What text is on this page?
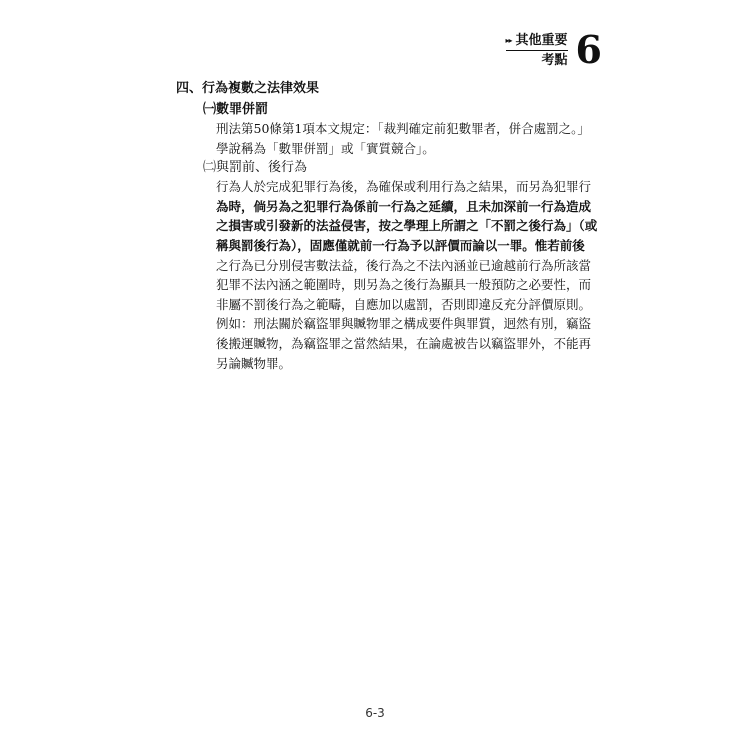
▸▸ 其他重要
考點 6
四、行為複數之法律效果
㈠數罪併罰
刑法第50條第1項本文規定：「裁判確定前犯數罪者，併合處罰之。」
學說稱為「數罪併罰」或「實質競合」。
㈡與罰前、後行為
行為人於完成犯罪行為後，為確保或利用行為之結果，而另為犯罪行
為時，倘另為之犯罪行為係前一行為之延續，且未加深前一行為造成
之損害或引發新的法益侵害，按之學理上所謂之「不罰之後行為」（或
稱與罰後行為），固應僅就前一行為予以評價而論以一罪。惟若前後
之行為已分別侵害數法益，後行為之不法內涵並已逾越前行為所該當
犯罪不法內涵之範圍時，則另為之後行為顯具一般預防之必要性，而
非屬不罰後行為之範疇，自應加以處罰，否則即違反充分評價原則。
例如：刑法關於竊盜罪與贓物罪之構成要件與罪質，迥然有別，竊盜
後搬運贓物，為竊盜罪之當然結果，在論處被告以竊盜罪外，不能再
另論贓物罪。
6-3
